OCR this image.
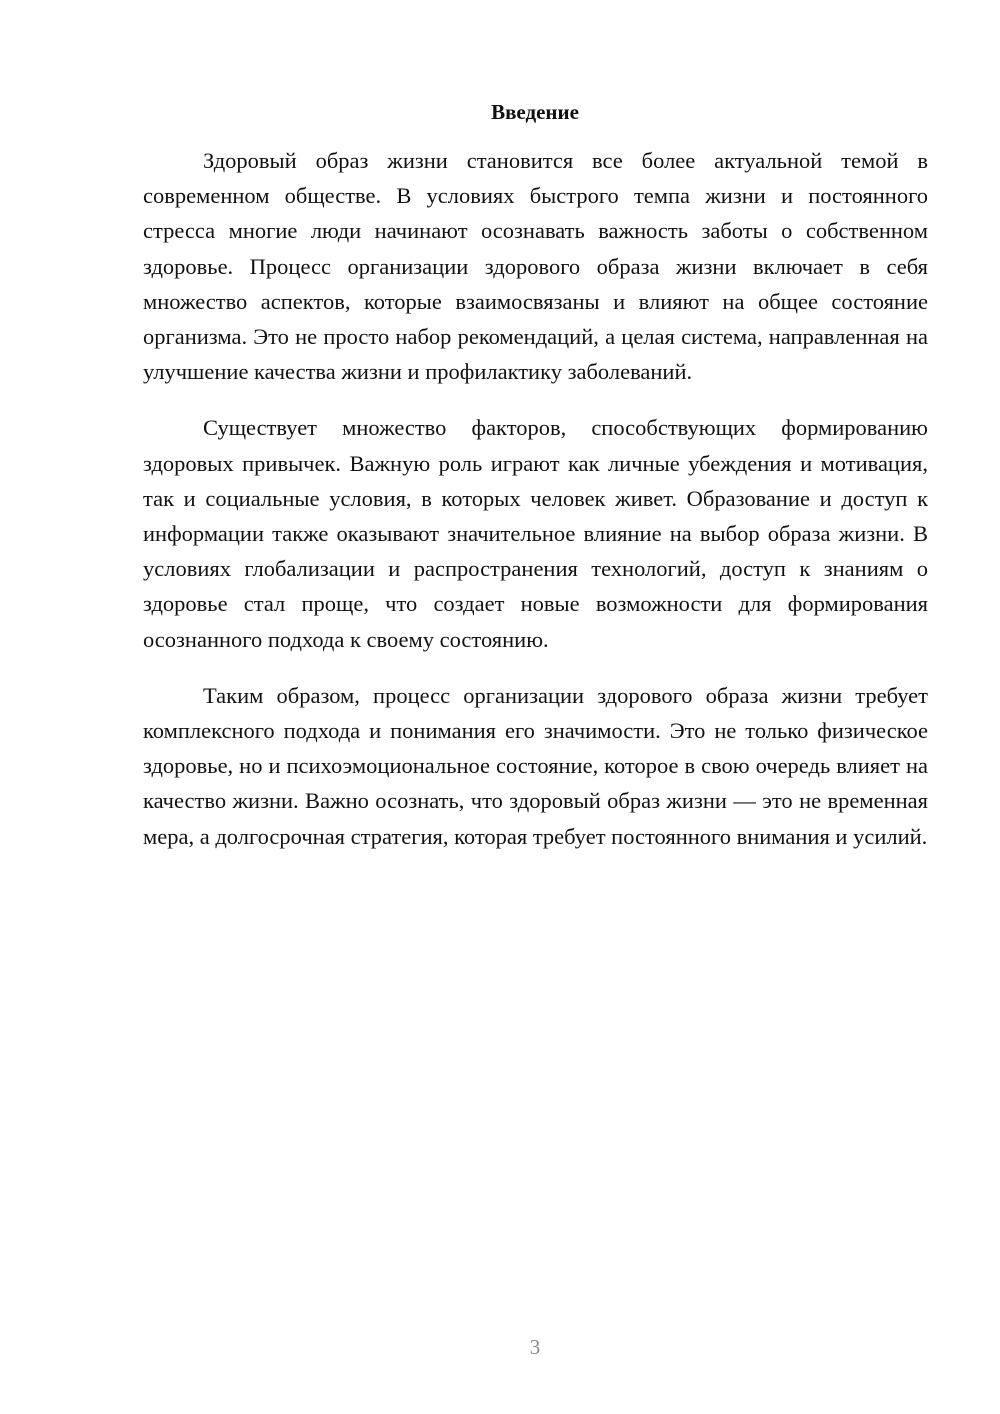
Введение

Здоровый образ жизни становится все более актуальной темой в современном обществе. В условиях быстрого темпа жизни и постоянного стресса многие люди начинают осознавать важность заботы о собственном здоровье. Процесс организации здорового образа жизни включает в себя множество аспектов, которые взаимосвязаны и влияют на общее состояние организма. Это не просто набор рекомендаций, а целая система, направленная на улучшение качества жизни и профилактику заболеваний.

Существует множество факторов, способствующих формированию здоровых привычек. Важную роль играют как личные убеждения и мотивация, так и социальные условия, в которых человек живет. Образование и доступ к информации также оказывают значительное влияние на выбор образа жизни. В условиях глобализации и распространения технологий, доступ к знаниям о здоровье стал проще, что создает новые возможности для формирования осознанного подхода к своему состоянию.

Таким образом, процесс организации здорового образа жизни требует комплексного подхода и понимания его значимости. Это не только физическое здоровье, но и психоэмоциональное состояние, которое в свою очередь влияет на качество жизни. Важно осознать, что здоровый образ жизни — это не временная мера, а долгосрочная стратегия, которая требует постоянного внимания и усилий.

3
